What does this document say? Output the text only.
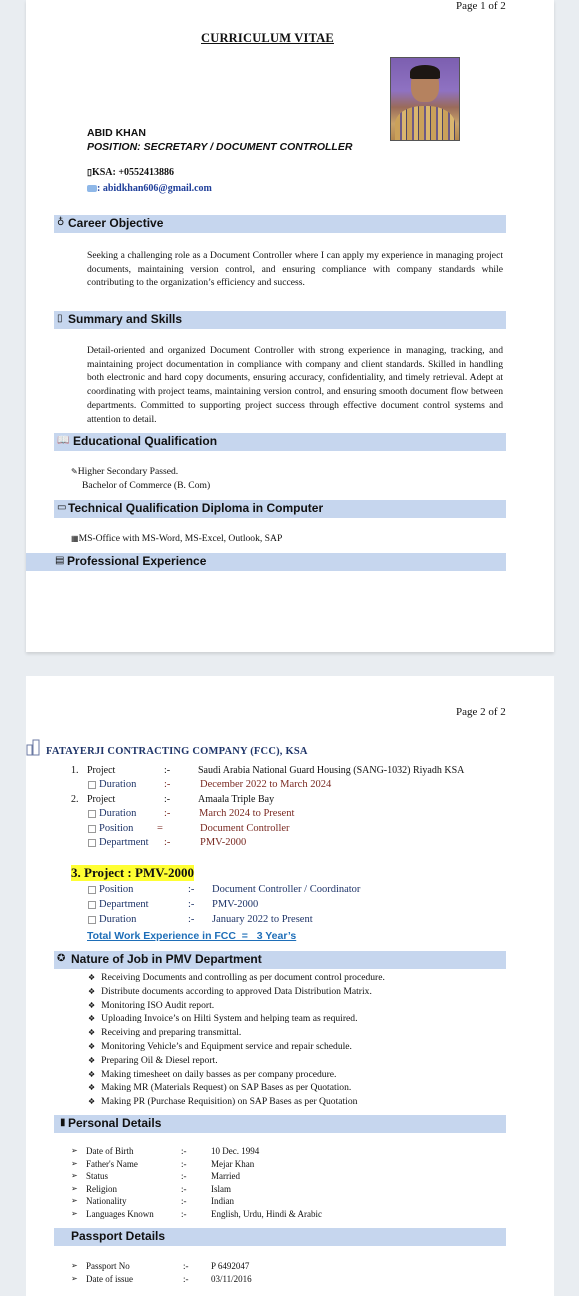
Page 1 of 2
CURRICULUM VITAE
ABID KHAN
POSITION: SECRETARY / DOCUMENT CONTROLLER
▯KSA: +0552413886
: abidkhan606@gmail.com
♁ Career Objective
Seeking a challenging role as a Document Controller where I can apply my experience in managing project documents, maintaining version control, and ensuring compliance with company standards while contributing to the organization’s efficiency and success.
▯ Summary and Skills
Detail-oriented and organized Document Controller with strong experience in managing, tracking, and maintaining project documentation in compliance with company and client standards. Skilled in handling both electronic and hard copy documents, ensuring accuracy, confidentiality, and timely retrieval. Adept at coordinating with project teams, maintaining version control, and ensuring smooth document flow between departments. Committed to supporting project success through effective document control systems and attention to detail.
📖 Educational Qualification
✎Higher Secondary Passed.
Bachelor of Commerce (B. Com)
▭ Technical Qualification Diploma in Computer
▦MS-Office with MS-Word, MS-Excel, Outlook, SAP
▤ Professional Experience
Page 2 of 2
FATAYERJI CONTRACTING COMPANY (FCC), KSA
1. Project	:-	Saudi Arabia National Guard Housing (SANG-1032) Riyadh KSA
Duration	:-	December 2022 to March 2024
2. Project	:-	Amaala Triple Bay
Duration	:-	March 2024 to Present
Position =	Document Controller
Department :-	PMV-2000
3. Project : PMV-2000
Position	:- Document Controller / Coordinator
Department	:- PMV-2000
Duration	:- January 2022 to Present
Total Work Experience in FCC  =   3 Year’s
✪ Nature of Job in PMV Department
❖ Receiving Documents and controlling as per document control procedure.
❖ Distribute documents according to approved Data Distribution Matrix.
❖ Monitoring ISO Audit report.
❖ Uploading Invoice’s on Hilti System and helping team as required.
❖ Receiving and preparing transmittal.
❖ Monitoring Vehicle’s and Equipment service and repair schedule.
❖ Preparing Oil & Diesel report.
❖ Making timesheet on daily basses as per company procedure.
❖ Making MR (Materials Request) on SAP Bases as per Quotation.
❖ Making PR (Purchase Requisition) on SAP Bases as per Quotation
▮ Personal Details
➢ Date of Birth	:-	10 Dec. 1994
➢ Father's Name	:-	Mejar Khan
➢ Status	:-	Married
➢ Religion	:-	Islam
➢ Nationality	:-	Indian
➢ Languages Known	:-	English, Urdu, Hindi & Arabic
Passport Details
➢ Passport No	:-	P 6492047
➢ Date of issue	:-	03/11/2016
